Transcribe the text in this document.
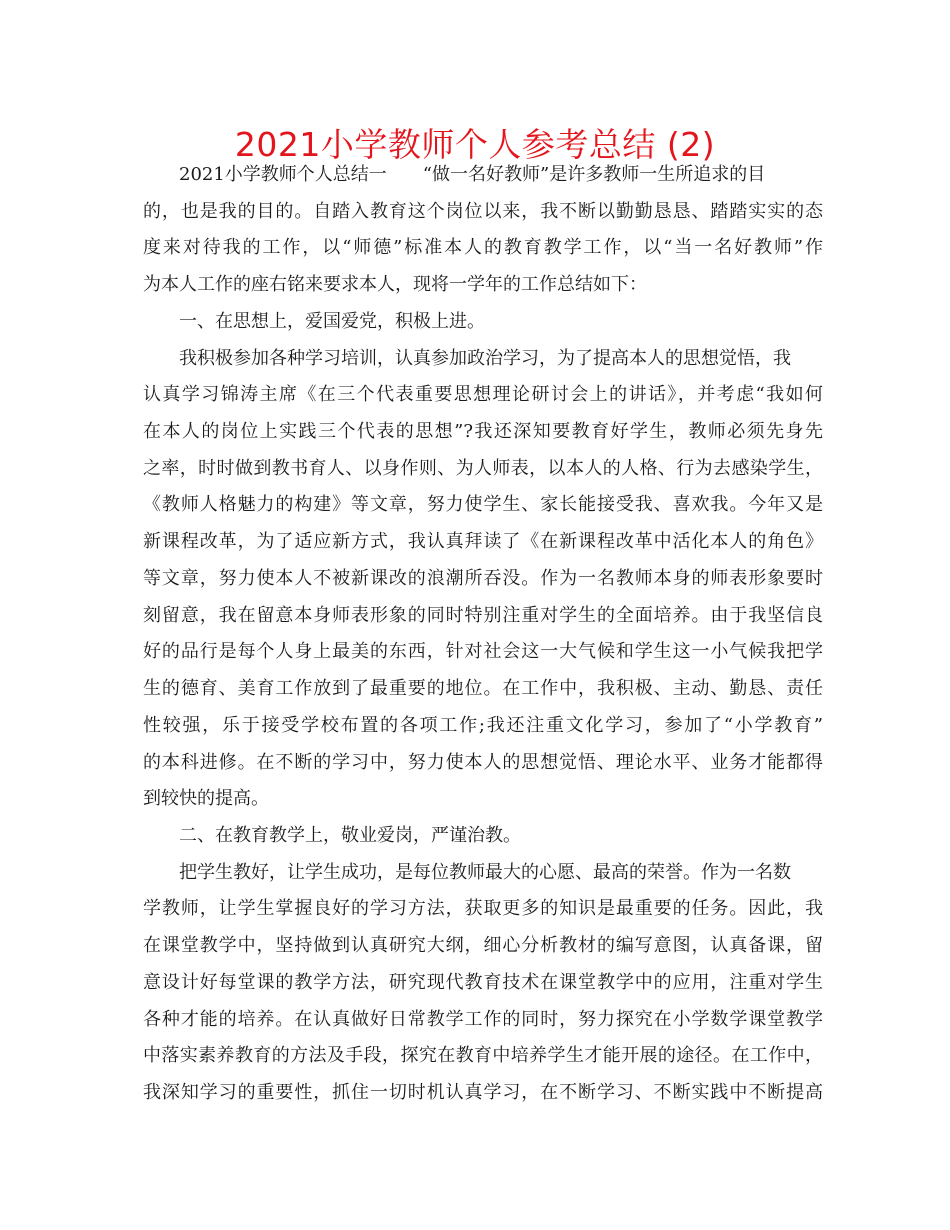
2021小学教师个人参考总结 (2)
2021小学教师个人总结一　　“做一名好教师”是许多教师一生所追求的目
的，也是我的目的。自踏入教育这个岗位以来，我不断以勤勤恳恳、踏踏实实的态
度来对待我的工作，以“师德”标准本人的教育教学工作，以“当一名好教师”作
为本人工作的座右铭来要求本人，现将一学年的工作总结如下：
一、在思想上，爱国爱党，积极上进。
我积极参加各种学习培训，认真参加政治学习，为了提高本人的思想觉悟，我
认真学习锦涛主席《在三个代表重要思想理论研讨会上的讲话》，并考虑“我如何
在本人的岗位上实践三个代表的思想”?我还深知要教育好学生，教师必须先身先
之率，时时做到教书育人、以身作则、为人师表，以本人的人格、行为去感染学生，
《教师人格魅力的构建》等文章，努力使学生、家长能接受我、喜欢我。今年又是
新课程改革，为了适应新方式，我认真拜读了《在新课程改革中活化本人的角色》
等文章，努力使本人不被新课改的浪潮所吞没。作为一名教师本身的师表形象要时
刻留意，我在留意本身师表形象的同时特别注重对学生的全面培养。由于我坚信良
好的品行是每个人身上最美的东西，针对社会这一大气候和学生这一小气候我把学
生的德育、美育工作放到了最重要的地位。在工作中，我积极、主动、勤恳、责任
性较强，乐于接受学校布置的各项工作;我还注重文化学习，参加了“小学教育”
的本科进修。在不断的学习中，努力使本人的思想觉悟、理论水平、业务才能都得
到较快的提高。
二、在教育教学上，敬业爱岗，严谨治教。
把学生教好，让学生成功，是每位教师最大的心愿、最高的荣誉。作为一名数
学教师，让学生掌握良好的学习方法，获取更多的知识是最重要的任务。因此，我
在课堂教学中，坚持做到认真研究大纲，细心分析教材的编写意图，认真备课，留
意设计好每堂课的教学方法，研究现代教育技术在课堂教学中的应用，注重对学生
各种才能的培养。在认真做好日常教学工作的同时，努力探究在小学数学课堂教学
中落实素养教育的方法及手段，探究在教育中培养学生才能开展的途径。在工作中，
我深知学习的重要性，抓住一切时机认真学习，在不断学习、不断实践中不断提高
